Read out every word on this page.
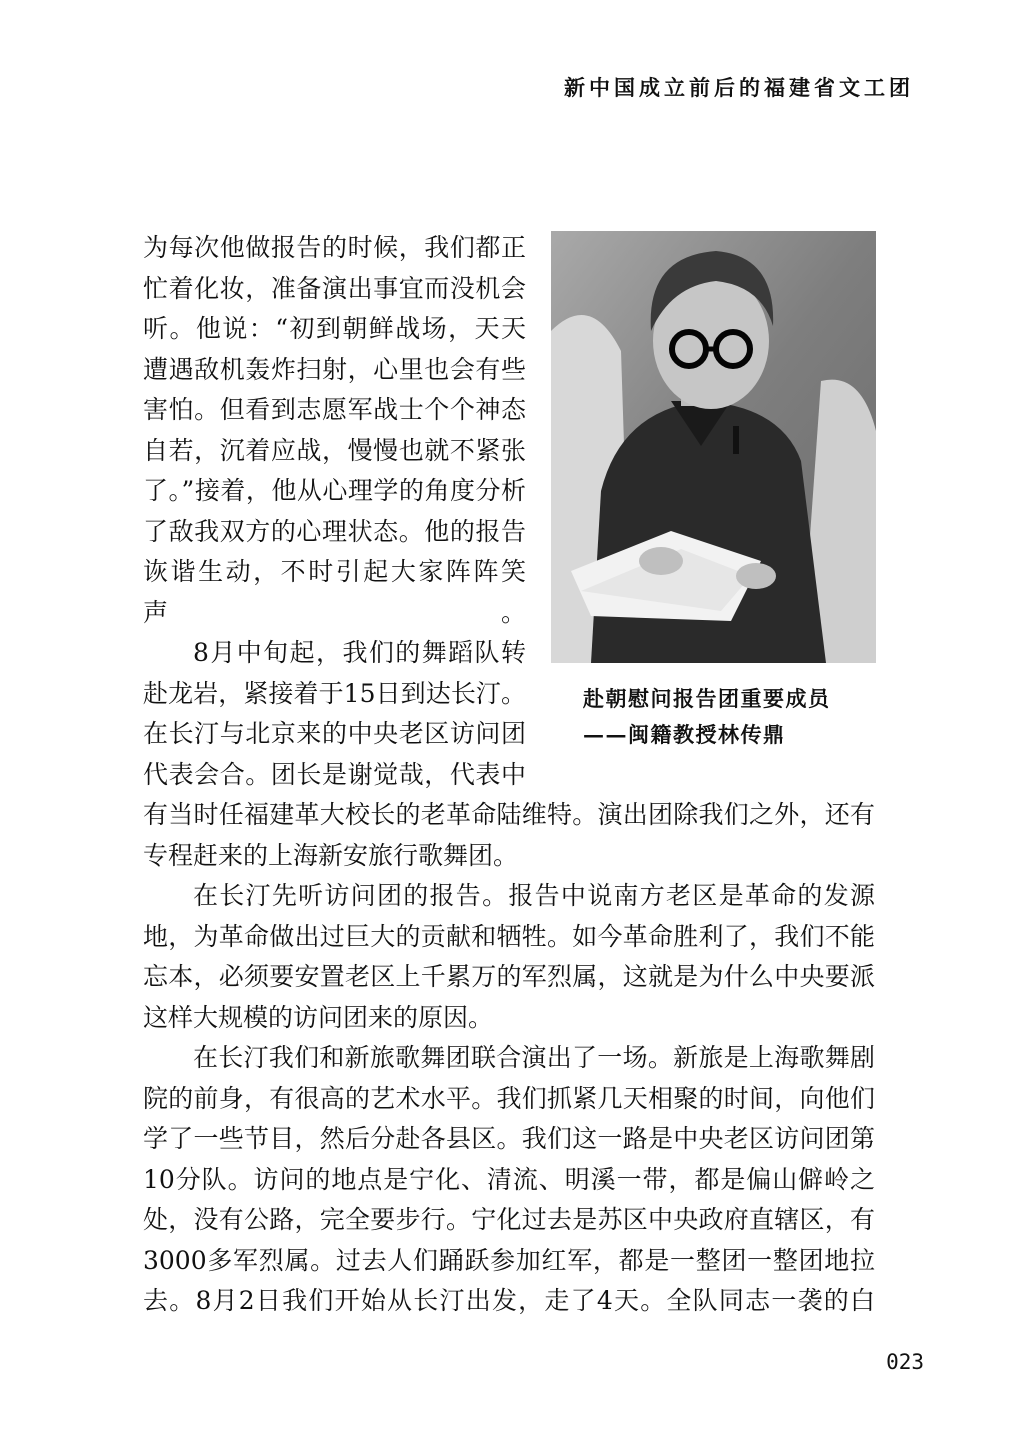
新中国成立前后的福建省文工团

为每次他做报告的时候，我们都正忙着化妆，准备演出事宜而没机会听。他说：“初到朝鲜战场，天天遭遇敌机轰炸扫射，心里也会有些害怕。但看到志愿军战士个个神态自若，沉着应战，慢慢也就不紧张了。”接着，他从心理学的角度分析了敌我双方的心理状态。他的报告诙谐生动，不时引起大家阵阵笑声。

8月中旬起，我们的舞蹈队转赴龙岩，紧接着于15日到达长汀。在长汀与北京来的中央老区访问团代表会合。团长是谢觉哉，代表中

有当时任福建革大校长的老革命陆维特。演出团除我们之外，还有专程赶来的上海新安旅行歌舞团。

在长汀先听访问团的报告。报告中说南方老区是革命的发源地，为革命做出过巨大的贡献和牺牲。如今革命胜利了，我们不能忘本，必须要安置老区上千累万的军烈属，这就是为什么中央要派这样大规模的访问团来的原因。

在长汀我们和新旅歌舞团联合演出了一场。新旅是上海歌舞剧院的前身，有很高的艺术水平。我们抓紧几天相聚的时间，向他们学了一些节目，然后分赴各县区。我们这一路是中央老区访问团第10分队。访问的地点是宁化、清流、明溪一带，都是偏山僻岭之处，没有公路，完全要步行。宁化过去是苏区中央政府直辖区，有3000多军烈属。过去人们踊跃参加红军，都是一整团一整团地拉去。8月2日我们开始从长汀出发，走了4天。全队同志一袭的白

赴朝慰问报告团重要成员
——闽籍教授林传鼎
023
